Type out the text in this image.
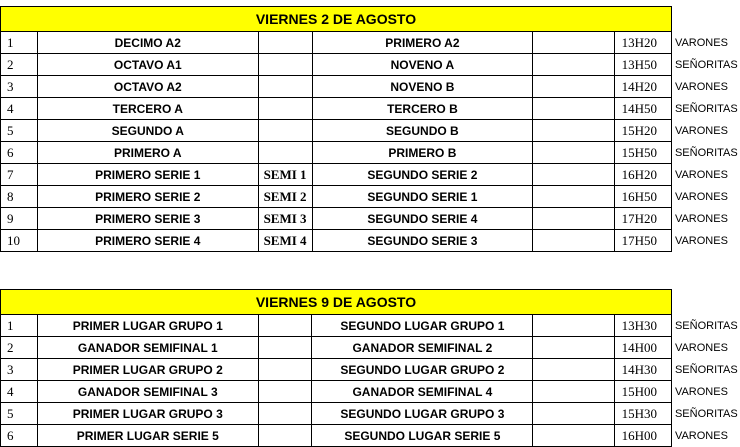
VIERNES 2 DE AGOSTO						
1	DECIMO A2		PRIMERO A2		13H20	VARONES
2	OCTAVO A1		NOVENO A		13H50	SEÑORITAS
3	OCTAVO A2		NOVENO B		14H20	VARONES
4	TERCERO A		TERCERO B		14H50	SEÑORITAS
5	SEGUNDO A		SEGUNDO B		15H20	VARONES
6	PRIMERO A		PRIMERO B		15H50	SEÑORITAS
7	PRIMERO SERIE 1	SEMI 1	SEGUNDO SERIE 2		16H20	VARONES
8	PRIMERO SERIE 2	SEMI 2	SEGUNDO SERIE 1		16H50	VARONES
9	PRIMERO SERIE 3	SEMI 3	SEGUNDO SERIE 4		17H20	VARONES
10	PRIMERO SERIE 4	SEMI 4	SEGUNDO SERIE 3		17H50	VARONES
VIERNES 9 DE AGOSTO						
1	PRIMER LUGAR GRUPO 1		SEGUNDO LUGAR GRUPO 1		13H30	SEÑORITAS
2	GANADOR SEMIFINAL 1		GANADOR SEMIFINAL 2		14H00	VARONES
3	PRIMER LUGAR GRUPO 2		SEGUNDO LUGAR GRUPO 2		14H30	SEÑORITAS
4	GANADOR SEMIFINAL 3		GANADOR SEMIFINAL 4		15H00	VARONES
5	PRIMER LUGAR GRUPO 3		SEGUNDO LUGAR GRUPO 3		15H30	SEÑORITAS
6	PRIMER LUGAR SERIE 5		SEGUNDO LUGAR SERIE 5		16H00	VARONES
